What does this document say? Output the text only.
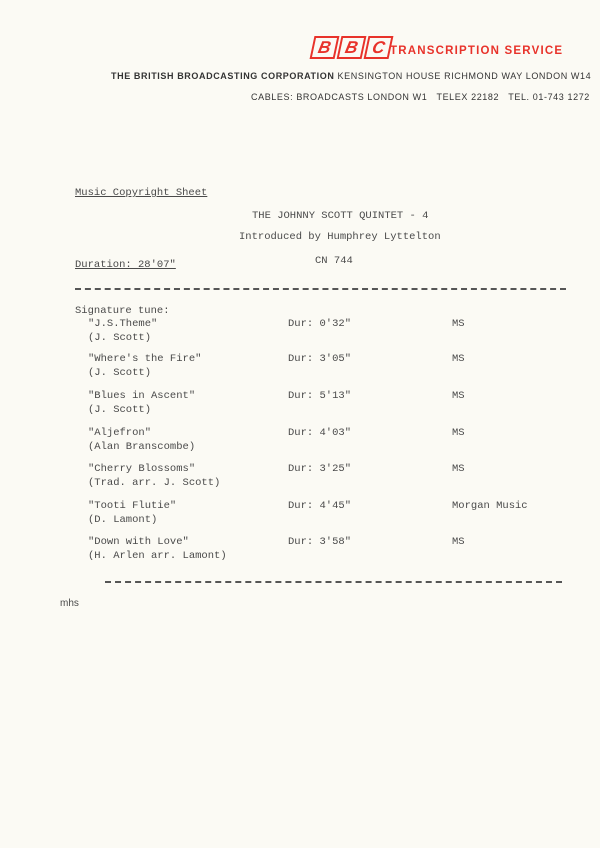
B B C TRANSCRIPTION SERVICE
THE BRITISH BROADCASTING CORPORATION KENSINGTON HOUSE RICHMOND WAY LONDON W14
CABLES: BROADCASTS LONDON W1   TELEX 22182   TEL. 01-743 1272
Music Copyright Sheet
THE JOHNNY SCOTT QUINTET - 4
Introduced by Humphrey Lyttelton
CN 744
Duration: 28'07"
Signature tune:
"J.S.Theme"
(J. Scott)
Dur: 0'32"	MS
"Where's the Fire"
(J. Scott)
Dur: 3'05"	MS
"Blues in Ascent"
(J. Scott)
Dur: 5'13"	MS
"Aljefron"
(Alan Branscombe)
Dur: 4'03"	MS
"Cherry Blossoms"
(Trad. arr. J. Scott)
Dur: 3'25"	MS
"Tooti Flutie"
(D. Lamont)
Dur: 4'45"	Morgan Music
"Down with Love"
(H. Arlen arr. Lamont)
Dur: 3'58"	MS
mhs
